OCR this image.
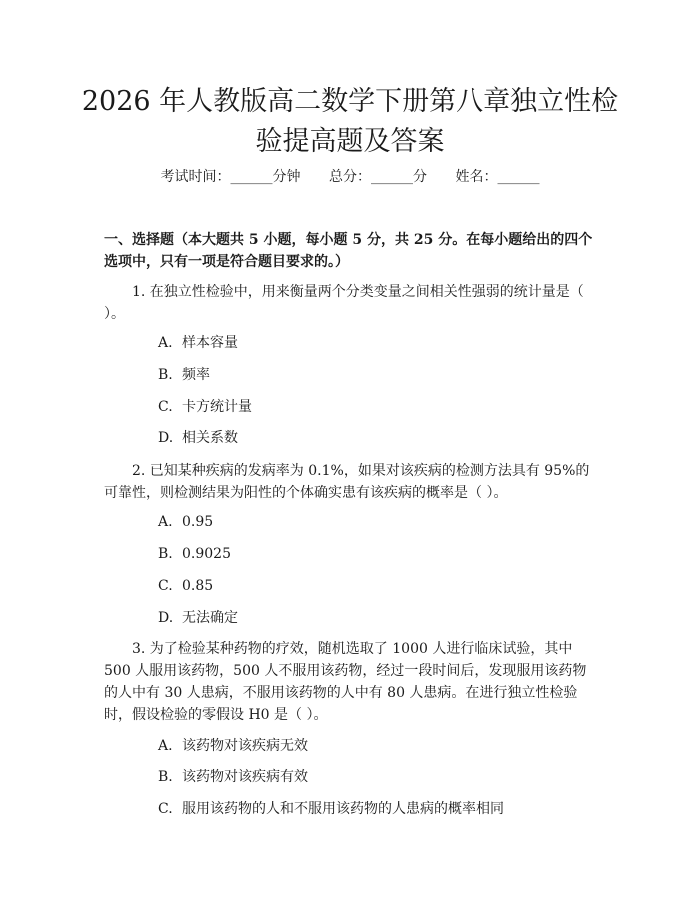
2026 年人教版高二数学下册第八章独立性检
验提高题及答案
考试时间：______分钟 总分：______分 姓名：______

一、选择题（本大题共 5 小题，每小题 5 分，共 25 分。在每小题给出的四个选项中，只有一项是符合题目要求的。）

1. 在独立性检验中，用来衡量两个分类变量之间相关性强弱的统计量是（ ）。

A. 样本容量
B. 频率
C. 卡方统计量
D. 相关系数

2. 已知某种疾病的发病率为 0.1%，如果对该疾病的检测方法具有 95%的可靠性，则检测结果为阳性的个体确实患有该疾病的概率是（ ）。

A. 0.95
B. 0.9025
C. 0.85
D. 无法确定

3. 为了检验某种药物的疗效，随机选取了 1000 人进行临床试验，其中 500 人服用该药物，500 人不服用该药物，经过一段时间后，发现服用该药物的人中有 30 人患病，不服用该药物的人中有 80 人患病。在进行独立性检验时，假设检验的零假设 H0 是（ ）。

A. 该药物对该疾病无效
B. 该药物对该疾病有效
C. 服用该药物的人和不服用该药物的人患病的概率相同
